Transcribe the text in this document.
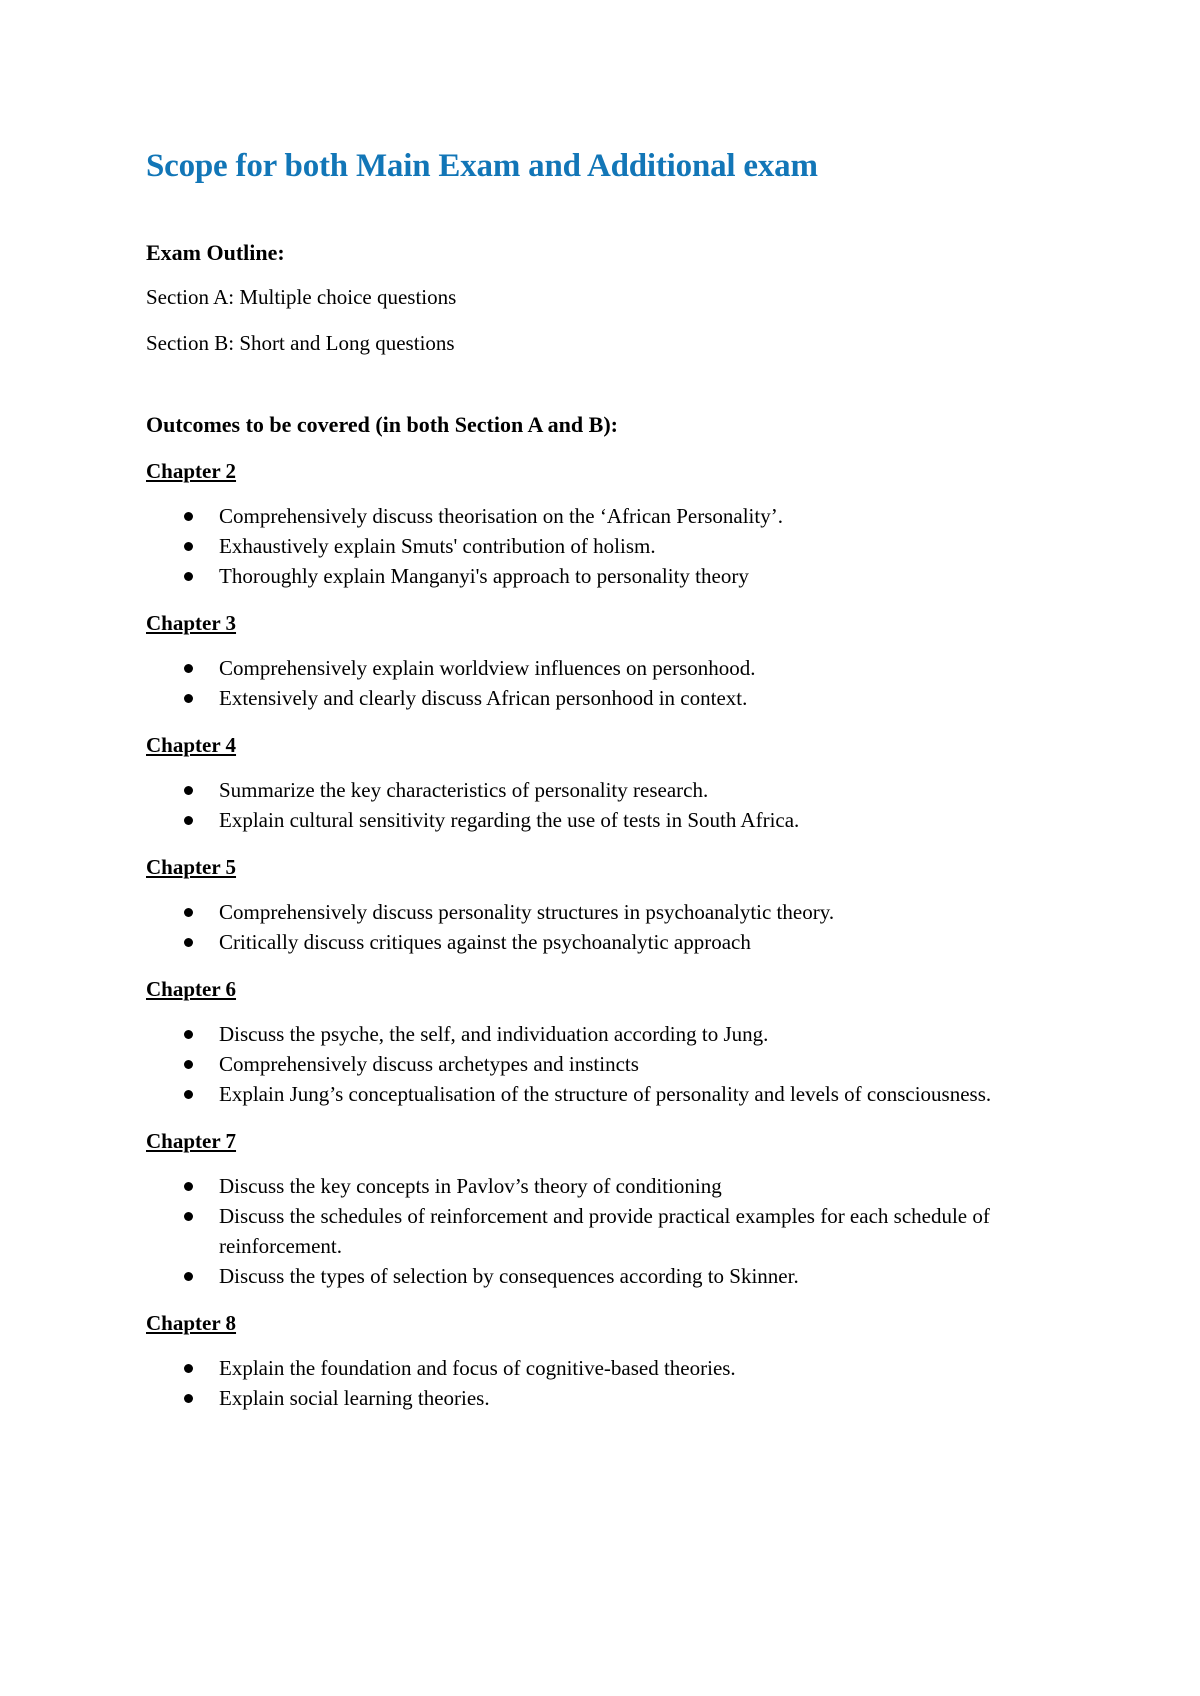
Scope for both Main Exam and Additional exam

Exam Outline:

Section A: Multiple choice questions

Section B: Short and Long questions

Outcomes to be covered (in both Section A and B):

Chapter 2
Comprehensively discuss theorisation on the ‘African Personality’.
Exhaustively explain Smuts' contribution of holism.
Thoroughly explain Manganyi's approach to personality theory
Chapter 3
Comprehensively explain worldview influences on personhood.
Extensively and clearly discuss African personhood in context.
Chapter 4
Summarize the key characteristics of personality research.
Explain cultural sensitivity regarding the use of tests in South Africa.
Chapter 5
Comprehensively discuss personality structures in psychoanalytic theory.
Critically discuss critiques against the psychoanalytic approach
Chapter 6
Discuss the psyche, the self, and individuation according to Jung.
Comprehensively discuss archetypes and instincts
Explain Jung’s conceptualisation of the structure of personality and levels of consciousness.
Chapter 7
Discuss the key concepts in Pavlov’s theory of conditioning
Discuss the schedules of reinforcement and provide practical examples for each schedule of reinforcement.
Discuss the types of selection by consequences according to Skinner.
Chapter 8
Explain the foundation and focus of cognitive-based theories.
Explain social learning theories.
